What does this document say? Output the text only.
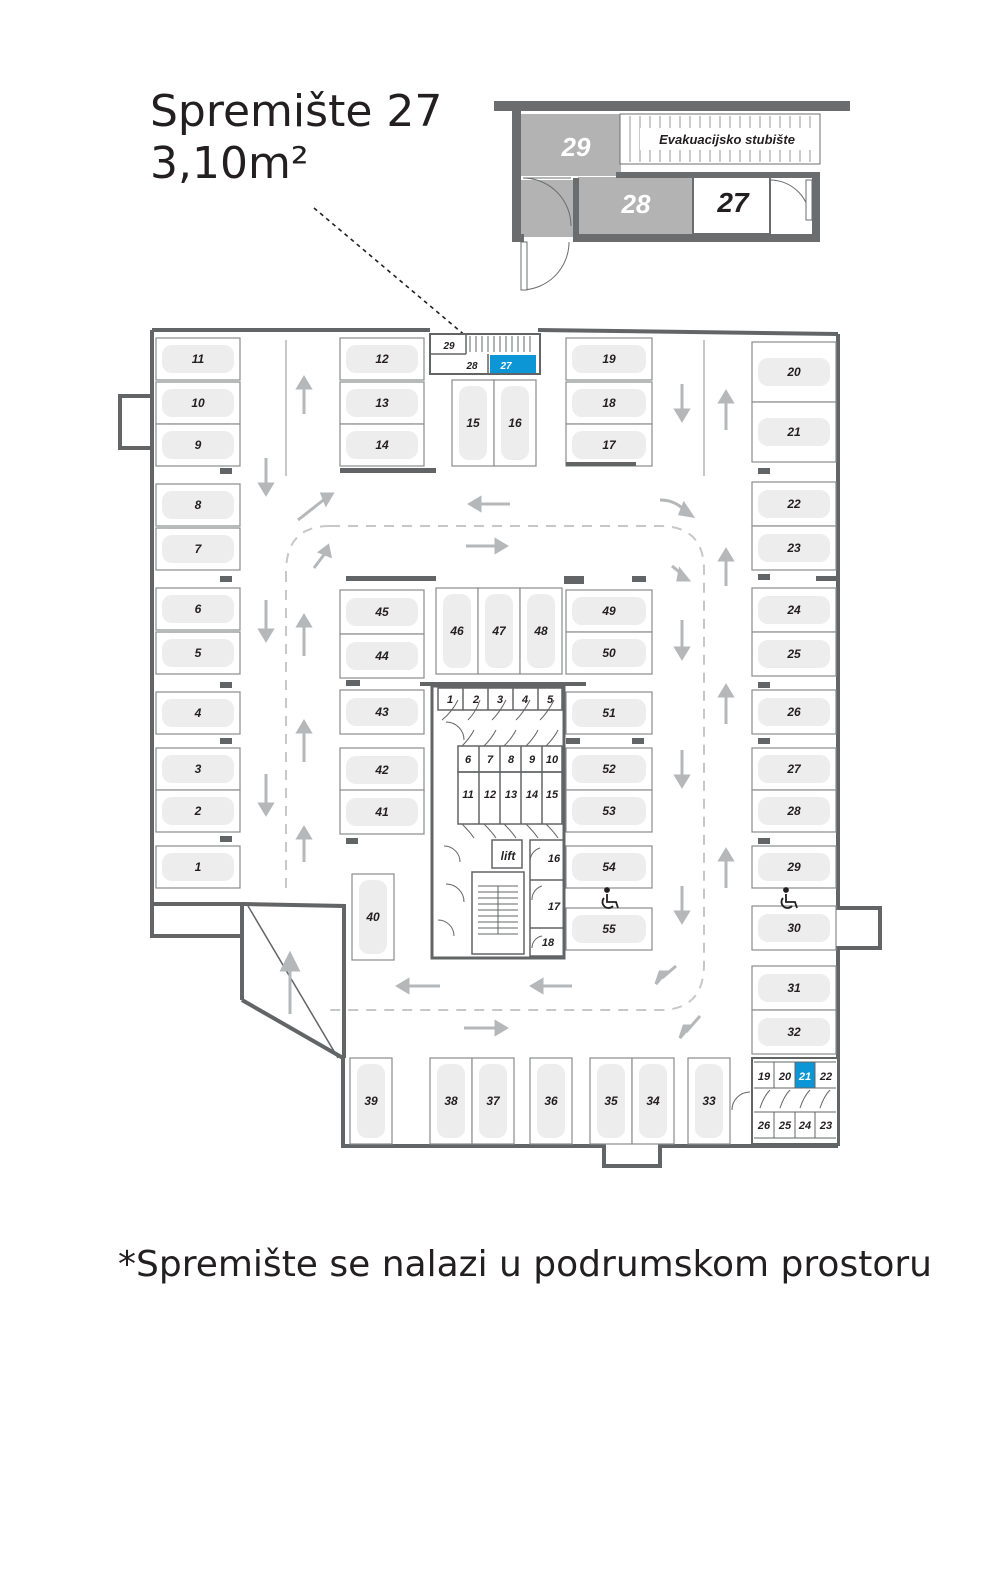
Spremište 27
3,10m²	29
28 27
Evakuacijsko stubište
11
10
9
8
7
6
5
4
3
2
1
12
13
14
15 16
19
18
17
20
21
22
23
24
25
26
27
28
29
30
31
32
45
44
43
42
41
46 47 48
49
50
51
52
53
54
55
40
39	38 37	36	35 34	33
29
28 27
1 2 3 4 5
6 7 8 9 10
11 12 13 14 15
16
17
18
lift
19 20 21 22
26 25 24 23
*Spremište se nalazi u podrumskom prostoru
